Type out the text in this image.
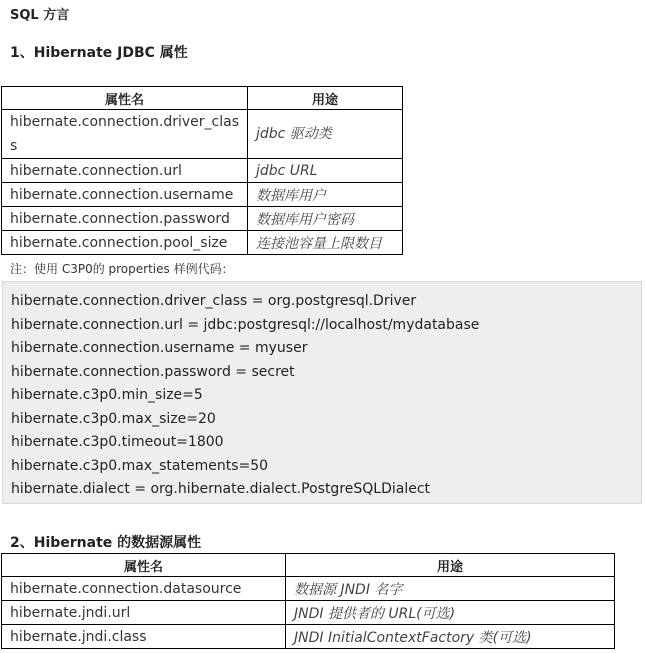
SQL 方言
1、Hibernate JDBC 属性
属性名	用途
hibernate.connection.driver_class	jdbc 驱动类
hibernate.connection.url	jdbc URL
hibernate.connection.username	数据库用户
hibernate.connection.password	数据库用户密码
hibernate.connection.pool_size	连接池容量上限数目
注：使用 C3P0的 properties 样例代码：
hibernate.connection.driver_class = org.postgresql.Driver
hibernate.connection.url = jdbc:postgresql://localhost/mydatabase
hibernate.connection.username = myuser
hibernate.connection.password = secret
hibernate.c3p0.min_size=5
hibernate.c3p0.max_size=20
hibernate.c3p0.timeout=1800
hibernate.c3p0.max_statements=50
hibernate.dialect = org.hibernate.dialect.PostgreSQLDialect
2、Hibernate 的数据源属性
属性名	用途
hibernate.connection.datasource	数据源 JNDI 名字
hibernate.jndi.url	JNDI 提供者的 URL(可选)
hibernate.jndi.class	JNDI InitialContextFactory 类(可选)
